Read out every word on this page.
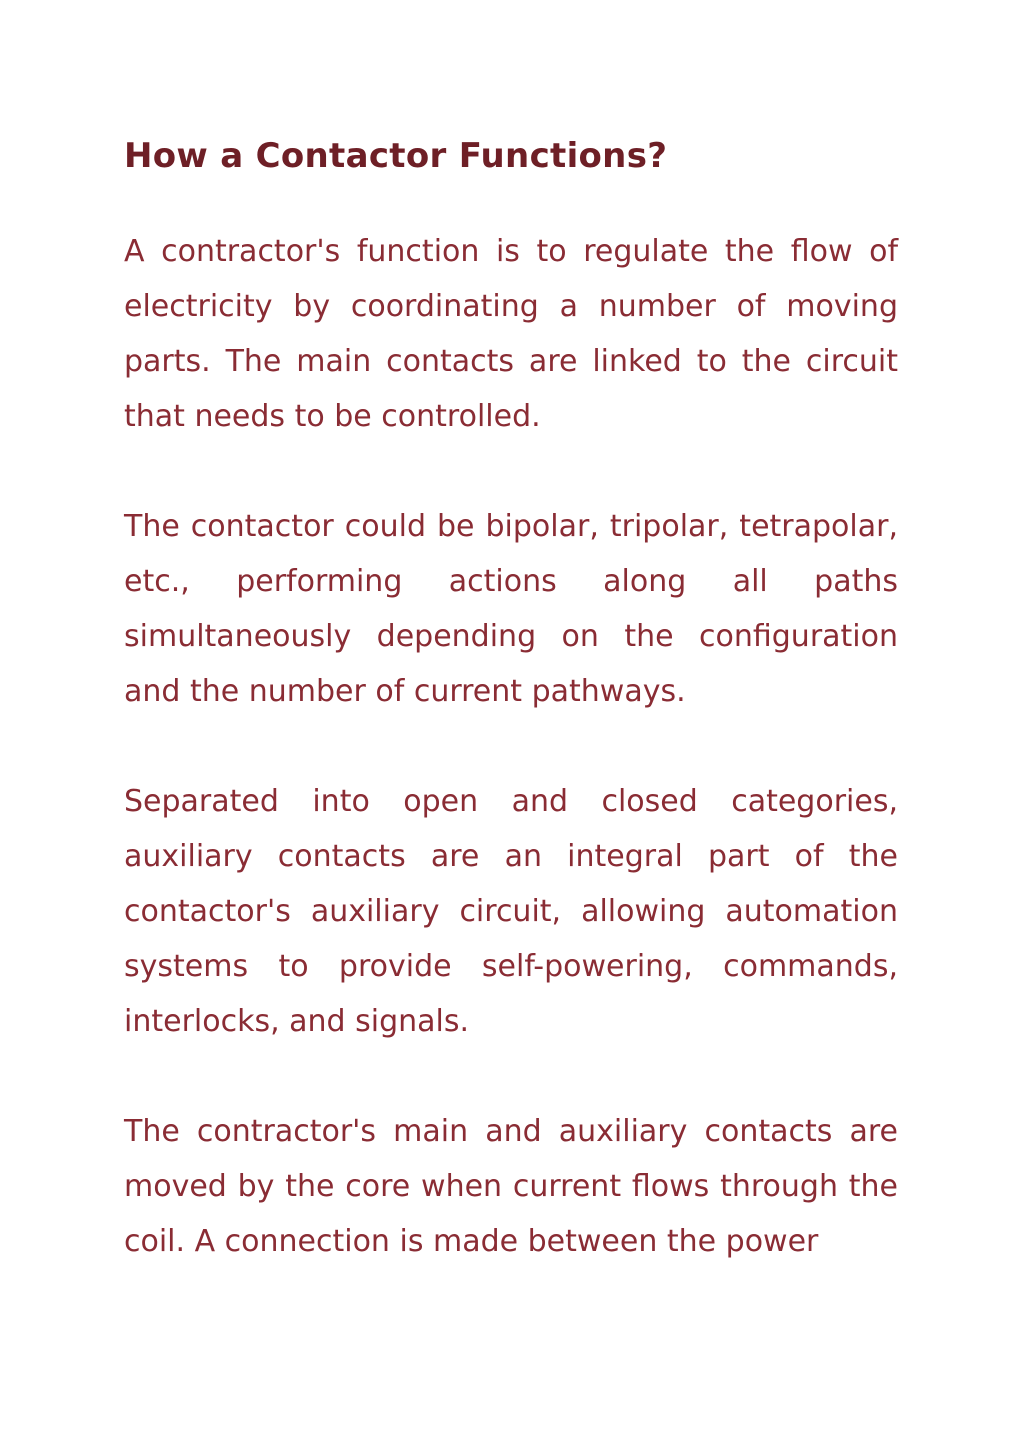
How a Contactor Functions?

A contractor's function is to regulate the flow of electricity by coordinating a number of moving parts. The main contacts are linked to the circuit that needs to be controlled.

The contactor could be bipolar, tripolar, tetrapolar, etc., performing actions along all paths simultaneously depending on the configuration and the number of current pathways.

Separated into open and closed categories, auxiliary contacts are an integral part of the contactor's auxiliary circuit, allowing automation systems to provide self-powering, commands, interlocks, and signals.

The contractor's main and auxiliary contacts are moved by the core when current flows through the coil. A connection is made between the power
